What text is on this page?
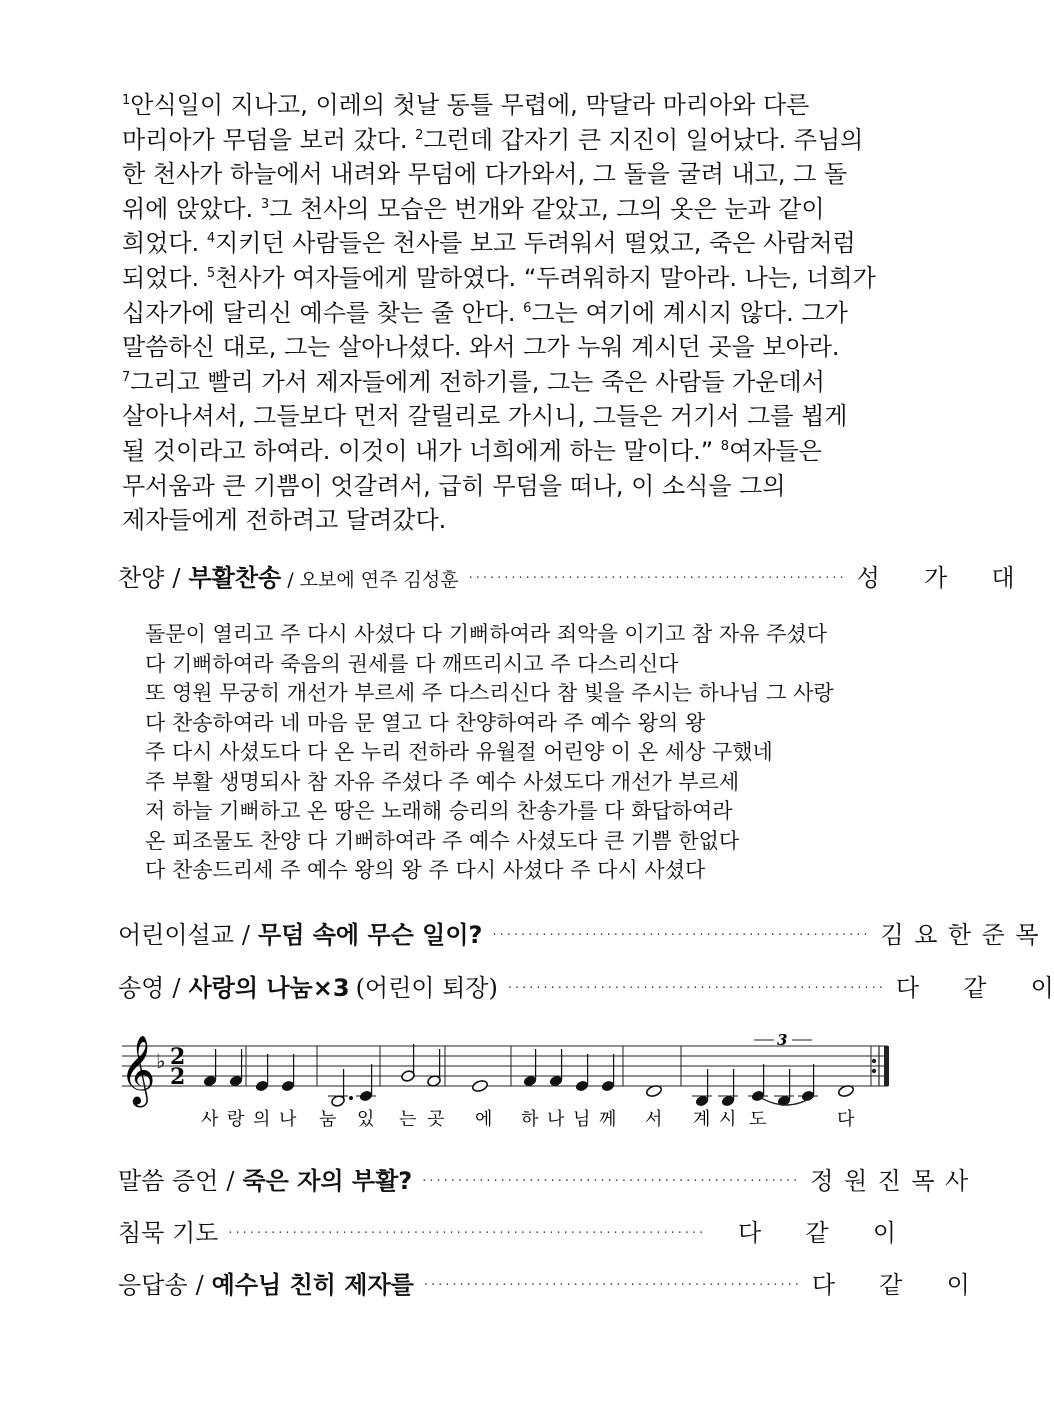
$^1$안식일이 지나고, 이레의 첫날 동틀 무렵에, 막달라 마리아와 다른
마리아가 무덤을 보러 갔다. $^2$그런데 갑자기 큰 지진이 일어났다. 주님의
한 천사가 하늘에서 내려와 무덤에 다가와서, 그 돌을 굴려 내고, 그 돌
위에 앉았다. $^3$그 천사의 모습은 번개와 같았고, 그의 옷은 눈과 같이
희었다. $^4$지키던 사람들은 천사를 보고 두려워서 떨었고, 죽은 사람처럼
되었다. $^5$천사가 여자들에게 말하였다. “두려워하지 말아라. 나는, 너희가
십자가에 달리신 예수를 찾는 줄 안다. $^6$그는 여기에 계시지 않다. 그가
말씀하신 대로, 그는 살아나셨다. 와서 그가 누워 계시던 곳을 보아라.
$^7$그리고 빨리 가서 제자들에게 전하기를, 그는 죽은 사람들 가운데서
살아나셔서, 그들보다 먼저 갈릴리로 가시니, 그들은 거기서 그를 뵙게
될 것이라고 하여라. 이것이 내가 너희에게 하는 말이다.” $^8$여자들은
무서움과 큰 기쁨이 엇갈려서, 급히 무덤을 떠나, 이 소식을 그의
제자들에게 전하려고 달려갔다.
찬양 / 부활찬송 / 오보에 연주 김성훈 ····················································· 성 가 대
돌문이 열리고 주 다시 사셨다 다 기뻐하여라 죄악을 이기고 참 자유 주셨다
다 기뻐하여라 죽음의 권세를 다 깨뜨리시고 주 다스리신다
또 영원 무궁히 개선가 부르세 주 다스리신다 참 빛을 주시는 하나님 그 사랑
다 찬송하여라 네 마음 문 열고 다 찬양하여라 주 예수 왕의 왕
주 다시 사셨도다 다 온 누리 전하라 유월절 어린양 이 온 세상 구했네
주 부활 생명되사 참 자유 주셨다 주 예수 사셨도다 개선가 부르세
저 하늘 기뻐하고 온 땅은 노래해 승리의 찬송가를 다 화답하여라
온 피조물도 찬양 다 기뻐하여라 주 예수 사셨도다 큰 기쁨 한없다
다 찬송드리세 주 예수 왕의 왕 주 다시 사셨다 주 다시 사셨다
어린이설교 / 무덤 속에 무슨 일이? ····················································· 김 요 한 준 목
송영 / 사랑의 나눔×3 (어린이 퇴장) ····················································· 다 같 이
𝄞 ♭ 2
2
3
사 랑 의 나 눔 있 는 곳 에 하 나 님 께 서 계 시 도	다
말씀 증언 / 죽은 자의 부활? ····················································· 정 원 진 목 사
침묵 기도 ···································································	다 같 이
응답송 / 예수님 친히 제자를 ····················································· 다 같 이
